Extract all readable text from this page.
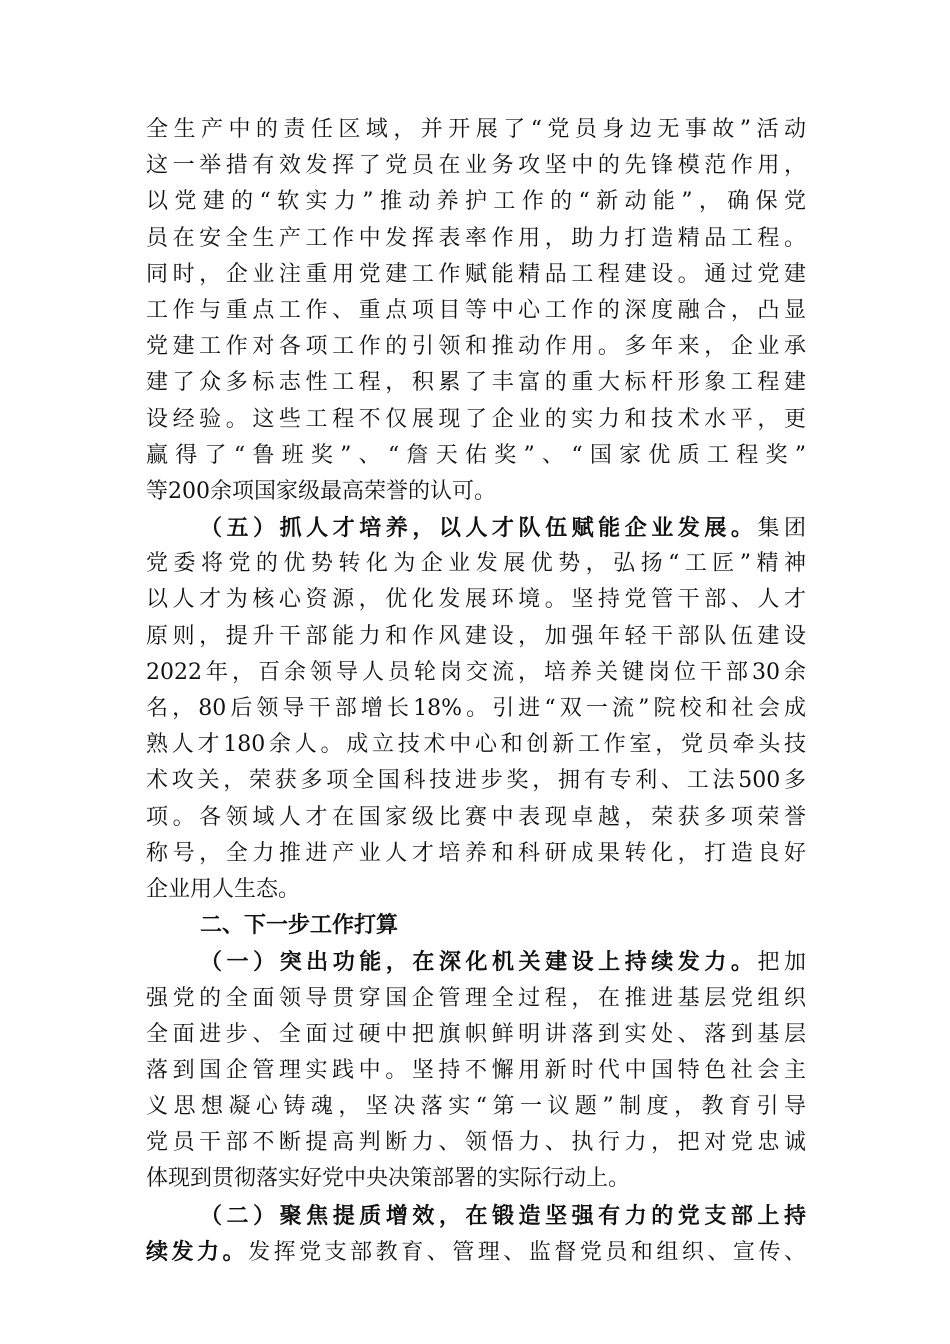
全生产中的责任区域，并开展了“党员身边无事故”活动
这一举措有效发挥了党员在业务攻坚中的先锋模范作用，
以党建的“软实力”推动养护工作的“新动能”，确保党
员在安全生产工作中发挥表率作用，助力打造精品工程。
同时，企业注重用党建工作赋能精品工程建设。通过党建
工作与重点工作、重点项目等中心工作的深度融合，凸显
党建工作对各项工作的引领和推动作用。多年来，企业承
建了众多标志性工程，积累了丰富的重大标杆形象工程建
设经验。这些工程不仅展现了企业的实力和技术水平，更
赢得了“鲁班奖”、“詹天佑奖”、“国家优质工程奖”
等200余项国家级最高荣誉的认可。
（五）抓人才培养，以人才队伍赋能企业发展。集团
党委将党的优势转化为企业发展优势，弘扬“工匠”精神
以人才为核心资源，优化发展环境。坚持党管干部、人才
原则，提升干部能力和作风建设，加强年轻干部队伍建设
2022年，百余领导人员轮岗交流，培养关键岗位干部30余
名，80后领导干部增长18%。引进“双一流”院校和社会成
熟人才180余人。成立技术中心和创新工作室，党员牵头技
术攻关，荣获多项全国科技进步奖，拥有专利、工法500多
项。各领域人才在国家级比赛中表现卓越，荣获多项荣誉
称号，全力推进产业人才培养和科研成果转化，打造良好
企业用人生态。
二、下一步工作打算
（一）突出功能，在深化机关建设上持续发力。把加
强党的全面领导贯穿国企管理全过程，在推进基层党组织
全面进步、全面过硬中把旗帜鲜明讲落到实处、落到基层
落到国企管理实践中。坚持不懈用新时代中国特色社会主
义思想凝心铸魂，坚决落实“第一议题”制度，教育引导
党员干部不断提高判断力、领悟力、执行力，把对党忠诚
体现到贯彻落实好党中央决策部署的实际行动上。
（二）聚焦提质增效，在锻造坚强有力的党支部上持
续发力。发挥党支部教育、管理、监督党员和组织、宣传、
